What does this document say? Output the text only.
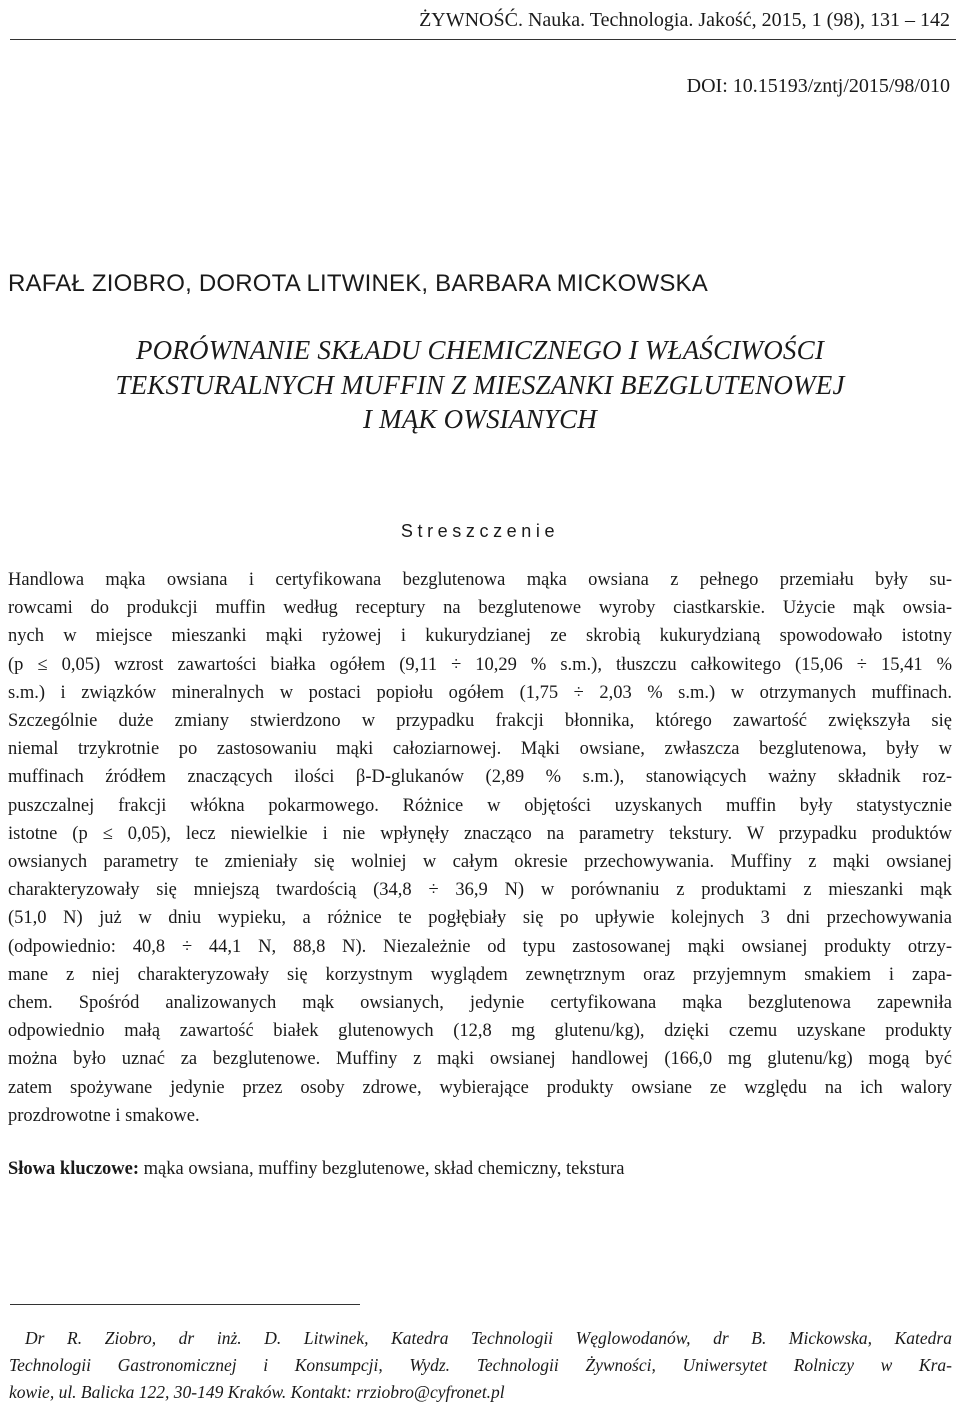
ŻYWNOŚĆ. Nauka. Technologia. Jakość, 2015, 1 (98), 131 – 142
DOI: 10.15193/zntj/2015/98/010
RAFAŁ ZIOBRO, DOROTA LITWINEK, BARBARA MICKOWSKA
PORÓWNANIE SKŁADU CHEMICZNEGO I WŁAŚCIWOŚCI
TEKSTURALNYCH MUFFIN Z MIESZANKI BEZGLUTENOWEJ
I MĄK OWSIANYCH
Streszczenie
Handlowa mąka owsiana i certyfikowana bezglutenowa mąka owsiana z pełnego przemiału były su-
rowcami do produkcji muffin według receptury na bezglutenowe wyroby ciastkarskie. Użycie mąk owsia-
nych w miejsce mieszanki mąki ryżowej i kukurydzianej ze skrobią kukurydzianą spowodowało istotny
(p ≤ 0,05) wzrost zawartości białka ogółem (9,11 ÷ 10,29 % s.m.), tłuszczu całkowitego (15,06 ÷ 15,41 %
s.m.) i związków mineralnych w postaci popiołu ogółem (1,75 ÷ 2,03 % s.m.) w otrzymanych muffinach.
Szczególnie duże zmiany stwierdzono w przypadku frakcji błonnika, którego zawartość zwiększyła się
niemal trzykrotnie po zastosowaniu mąki całoziarnowej. Mąki owsiane, zwłaszcza bezglutenowa, były w
muffinach źródłem znaczących ilości β-D-glukanów (2,89 % s.m.), stanowiących ważny składnik roz-
puszczalnej frakcji włókna pokarmowego. Różnice w objętości uzyskanych muffin były statystycznie
istotne (p ≤ 0,05), lecz niewielkie i nie wpłynęły znacząco na parametry tekstury. W przypadku produktów
owsianych parametry te zmieniały się wolniej w całym okresie przechowywania. Muffiny z mąki owsianej
charakteryzowały się mniejszą twardością (34,8 ÷ 36,9 N) w porównaniu z produktami z mieszanki mąk
(51,0 N) już w dniu wypieku, a różnice te pogłębiały się po upływie kolejnych 3 dni przechowywania
(odpowiednio: 40,8 ÷ 44,1 N, 88,8 N). Niezależnie od typu zastosowanej mąki owsianej produkty otrzy-
mane z niej charakteryzowały się korzystnym wyglądem zewnętrznym oraz przyjemnym smakiem i zapa-
chem. Spośród analizowanych mąk owsianych, jedynie certyfikowana mąka bezglutenowa zapewniła
odpowiednio małą zawartość białek glutenowych (12,8 mg glutenu/kg), dzięki czemu uzyskane produkty
można było uznać za bezglutenowe. Muffiny z mąki owsianej handlowej (166,0 mg glutenu/kg) mogą być
zatem spożywane jedynie przez osoby zdrowe, wybierające produkty owsiane ze względu na ich walory
prozdrowotne i smakowe.
Słowa kluczowe: mąka owsiana, muffiny bezglutenowe, skład chemiczny, tekstura
Dr R. Ziobro, dr inż. D. Litwinek, Katedra Technologii Węglowodanów, dr B. Mickowska, Katedra
Technologii Gastronomicznej i Konsumpcji, Wydz. Technologii Żywności, Uniwersytet Rolniczy w Kra-
kowie, ul. Balicka 122, 30-149 Kraków. Kontakt: rrziobro@cyfronet.pl
